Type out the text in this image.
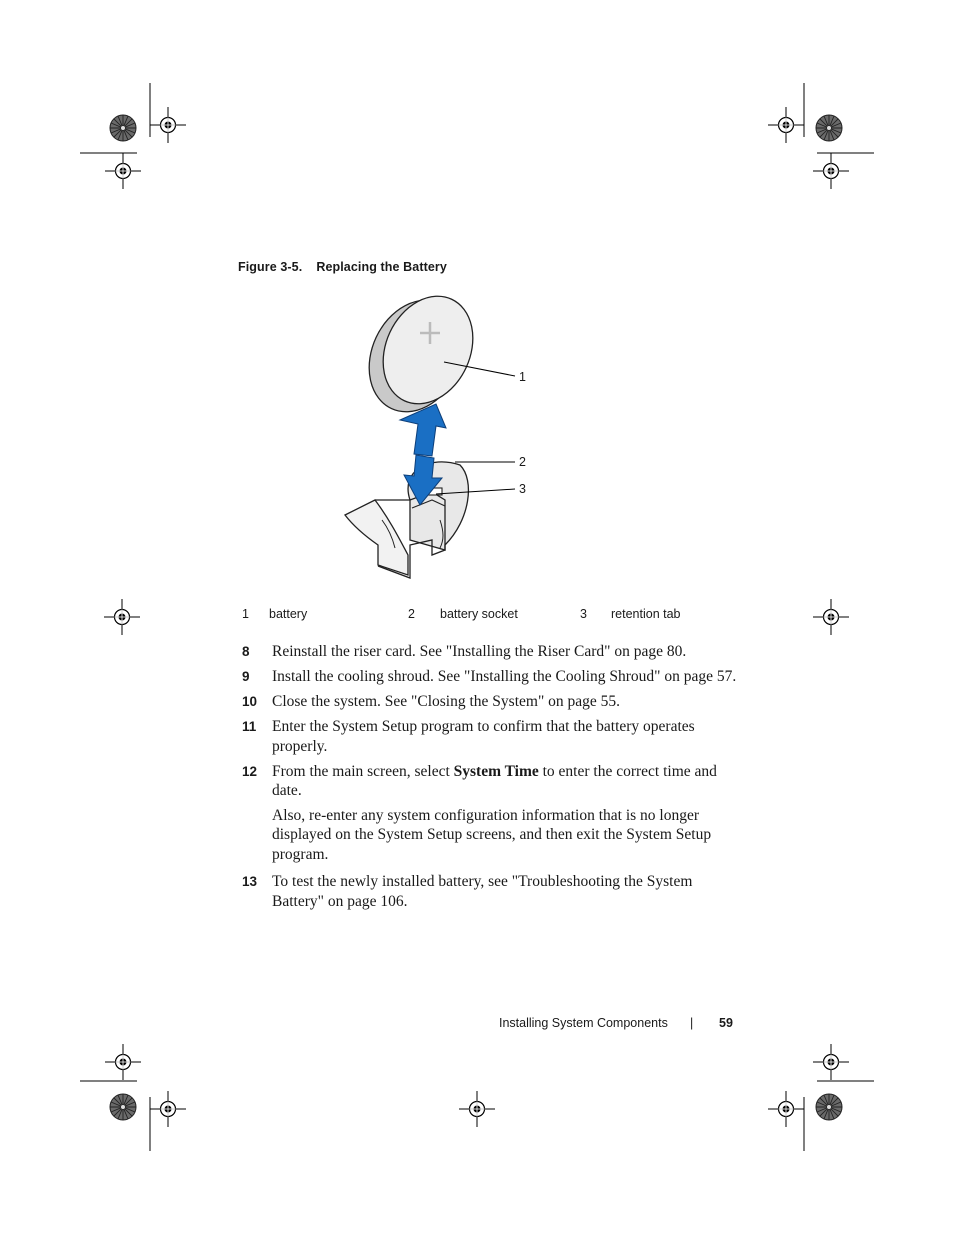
Figure 3-5. Replacing the Battery
1
2
3
1 battery	2 battery socket	3 retention tab
8 Reinstall the riser card. See "Installing the Riser Card" on page 80.

9 Install the cooling shroud. See "Installing the Cooling Shroud" on page 57.

10 Close the system. See "Closing the System" on page 55.

11 Enter the System Setup program to confirm that the battery operates properly.

12 From the main screen, select System Time to enter the correct time and date.

Also, re-enter any system configuration information that is no longer displayed on the System Setup screens, and then exit the System Setup program.

13 To test the newly installed battery, see "Troubleshooting the System Battery" on page 106.

Installing System Components | 59
